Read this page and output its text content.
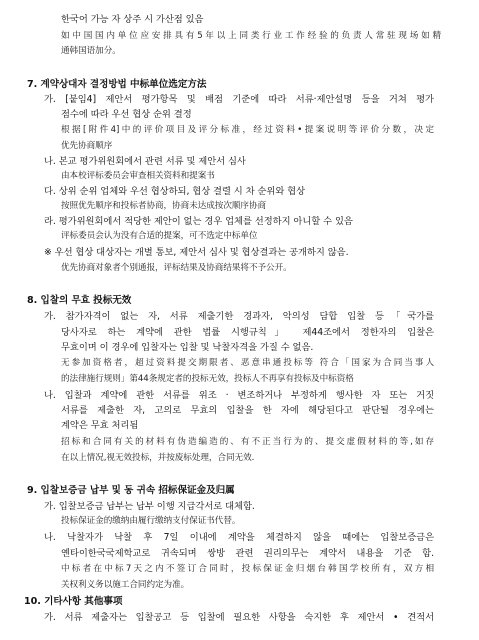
한국어 가능 자 상주 시 가산점 있음
如中国国内单位应安排具有5年以上同类行业工作经验的负责人常驻现场如精
通韩国语加分。
7. 계약상대자 결정방법 中标单位选定方法
가. [붙임4] 제안서 평가항목 및 배점 기준에 따라 서류·제안설명 등을 거쳐 평가
점수에 따라 우선 협상 순위 결정
根据[附件4]中的评价项目及评分标准，经过资料•提案说明等评价分数，决定
优先协商顺序
나. 본교 평가위원회에서 관련 서류 및 제안서 심사
由本校评标委员会审查相关资料和提案书
다. 상위 순위 업체와 우선 협상하되, 협상 결렬 시 차 순위와 협상
按照优先顺序和投标者协商，协商未达成按次顺序协商
라. 평가위원회에서 적당한 제안이 없는 경우 업체를 선정하지 아니할 수 있음
评标委员会认为没有合适的提案，可不选定中标单位
※ 우선 협상 대상자는 개별 통보, 제안서 심사 및 협상결과는 공개하지 않음.
优先协商对象者个别通报，评标结果及协商结果将不予公开。
8. 입찰의 무효 投标无效
가. 참가자격이 없는 자, 서류 제출기한 경과자, 악의성 담합 입찰 등「국가를
당사자로 하는 계약에 관한 법률 시행규칙」 제44조에서 정한자의 입찰은
무효이며 이 경우에 입찰자는 입찰 및 낙찰자격을 가질 수 없음.
无参加资格者，超过资料提交期限者、恶意串通投标等 符合「国家为合同当事人
的法律施行规则」第44条规定者的投标无效，投标人不再享有投标及中标资格
나. 입찰과 계약에 관한 서류를 위조 · 변조하거나 부정하게 행사한 자 또는 거짓
서류를 제출한 자, 고의로 무효의 입찰을 한 자에 해당된다고 판단될 경우에는
계약은 무효 처리됨
招标和合同有关的材料有伪造编造的、有不正当行为的、提交虚假材料的等,如存
在以上情况,视无效投标，并按废标处理，合同无效.
9. 입찰보증금 납부 및 동 귀속 招标保证金及归属
가. 입찰보증금 납부는 납부 이행 지급각서로 대체함.
投标保证金的缴纳由履行缴纳支付保证书代替。
나. 낙찰자가 낙찰 후 7일 이내에 계약을 체결하지 않을 때에는 입찰보증금은
옌타이한국국제학교로 귀속되며 쌍방 관련 권리의무는 계약서 내용을 기준 함.
中标者在中标7天之内不签订合同时，投标保证金归烟台韩国学校所有，双方相
关权利义务以施工合同约定为准。
10. 기타사항 其他事项
가. 서류 제출자는 입찰공고 등 입찰에 필요한 사항을 숙지한 후 제안서 • 견적서
